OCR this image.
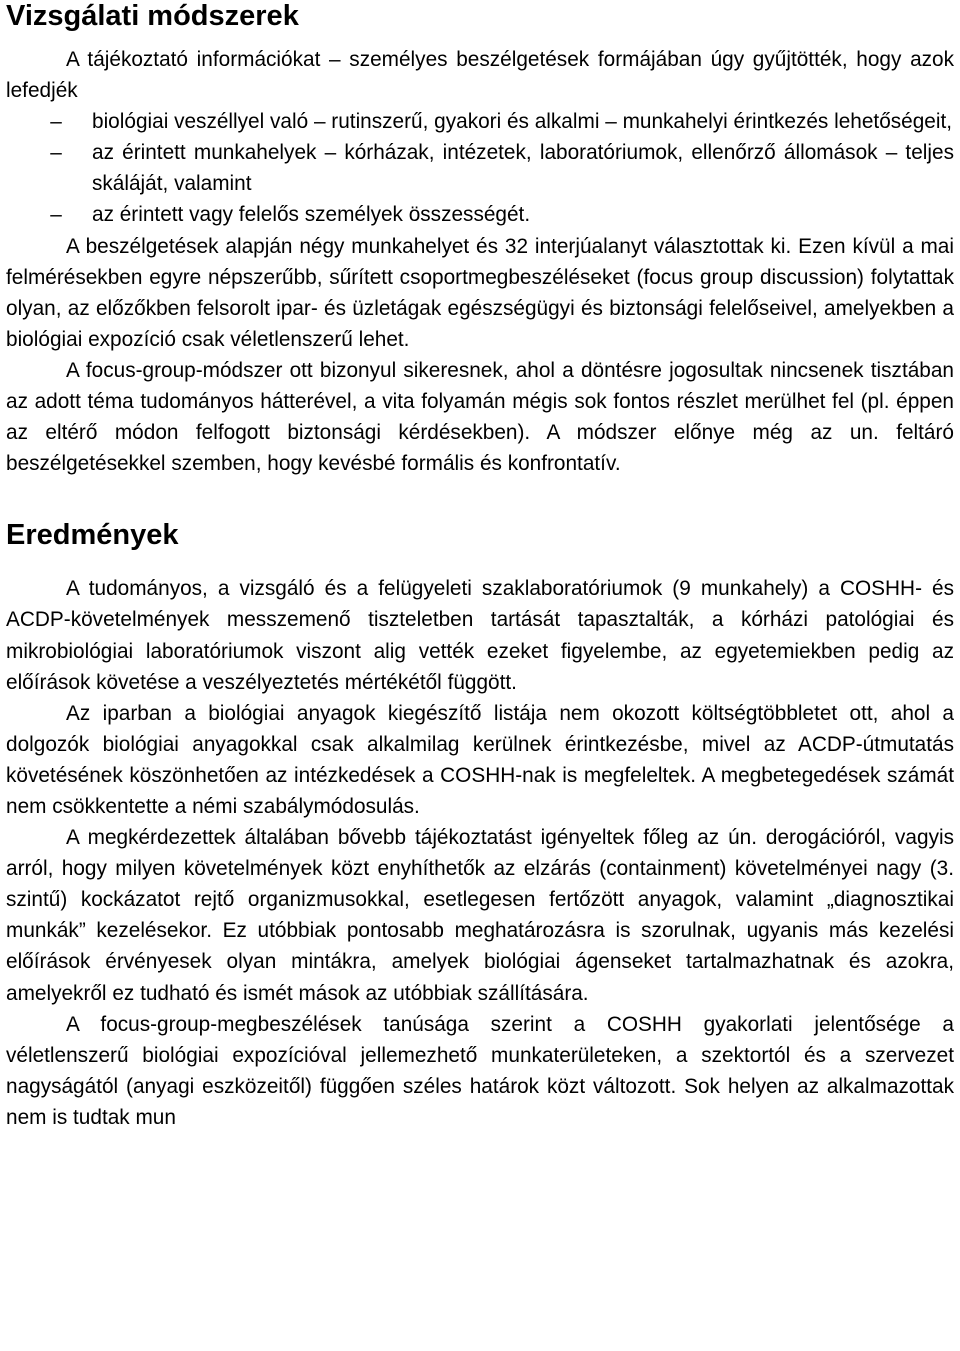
Vizsgálati módszerek

A tájékoztató információkat – személyes beszélgetések formájában úgy gyűjtötték, hogy azok lefedjék

– biológiai veszéllyel való – rutinszerű, gyakori és alkalmi – munkahelyi érintkezés lehetőségeit,
– az érintett munkahelyek – kórházak, intézetek, laboratóriumok, ellenőrző állomások – teljes skáláját, valamint
– az érintett vagy felelős személyek összességét.

A beszélgetések alapján négy munkahelyet és 32 interjúalanyt választottak ki. Ezen kívül a mai felmérésekben egyre népszerűbb, sűrített csoportmegbeszéléseket (focus group discussion) folytattak olyan, az előzőkben felsorolt ipar- és üzletágak egészségügyi és biztonsági felelőseivel, amelyekben a biológiai expozíció csak véletlenszerű lehet.

A focus-group-módszer ott bizonyul sikeresnek, ahol a döntésre jogosultak nincsenek tisztában az adott téma tudományos hátterével, a vita folyamán mégis sok fontos részlet merülhet fel (pl. éppen az eltérő módon felfogott biztonsági kérdésekben). A módszer előnye még az un. feltáró beszélgetésekkel szemben, hogy kevésbé formális és konfrontatív.

Eredmények

A tudományos, a vizsgáló és a felügyeleti szaklaboratóriumok (9 munkahely) a COSHH- és ACDP-követelmények messzemenő tiszteletben tartását tapasztalták, a kórházi patológiai és mikrobiológiai laboratóriumok viszont alig vették ezeket figyelembe, az egyetemiekben pedig az előírások követése a veszélyeztetés mértékétől függött.

Az iparban a biológiai anyagok kiegészítő listája nem okozott költségtöbbletet ott, ahol a dolgozók biológiai anyagokkal csak alkalmilag kerülnek érintkezésbe, mivel az ACDP-útmutatás követésének köszönhetően az intézkedések a COSHH-nak is megfeleltek. A megbetegedések számát nem csökkentette a némi szabálymódosulás.

A megkérdezettek általában bővebb tájékoztatást igényeltek főleg az ún. derogációról, vagyis arról, hogy milyen követelmények közt enyhíthetők az elzárás (containment) követelményei nagy (3. szintű) kockázatot rejtő organizmusokkal, esetlegesen fertőzött anyagok, valamint „diagnosztikai munkák” kezelésekor. Ez utóbbiak pontosabb meghatározásra is szorulnak, ugyanis más kezelési előírások érvényesek olyan mintákra, amelyek biológiai ágenseket tartalmazhatnak és azokra, amelyekről ez tudható és ismét mások az utóbbiak szállítására.

A focus-group-megbeszélések tanúsága szerint a COSHH gyakorlati jelentősége a véletlenszerű biológiai expozícióval jellemezhető munkaterületeken, a szektortól és a szervezet nagyságától (anyagi eszközeitől) függően széles határok közt változott. Sok helyen az alkalmazottak nem is tudtak mun
